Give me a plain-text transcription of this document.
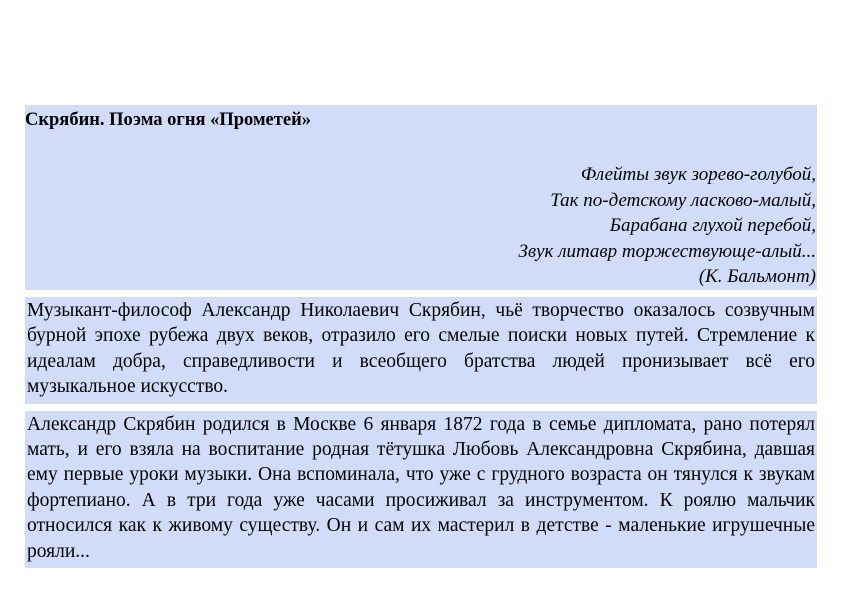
Скрябин. Поэма огня «Прометей»
Флейты звук зорево-голубой,
Так по-детскому ласково-малый,
Барабана глухой перебой,
Звук литавр торжествующе-алый...
(К. Бальмонт)

Музыкант-философ Александр Николаевич Скрябин, чьё творчество оказалось созвучным бурной эпохе рубежа двух веков, отразило его смелые поиски новых путей. Стремление к идеалам добра, справедливости и всеобщего братства людей пронизывает всё его музыкальное искусство.

Александр Скрябин родился в Москве 6 января 1872 года в семье дипломата, рано потерял мать, и его взяла на воспитание родная тётушка Любовь Александровна Скрябина, давшая ему первые уроки музыки. Она вспоминала, что уже с грудного возраста он тянулся к звукам фортепиано. А в три года уже часами просиживал за инструментом. К роялю мальчик относился как к живому существу. Он и сам их мастерил в детстве - маленькие игрушечные рояли...
